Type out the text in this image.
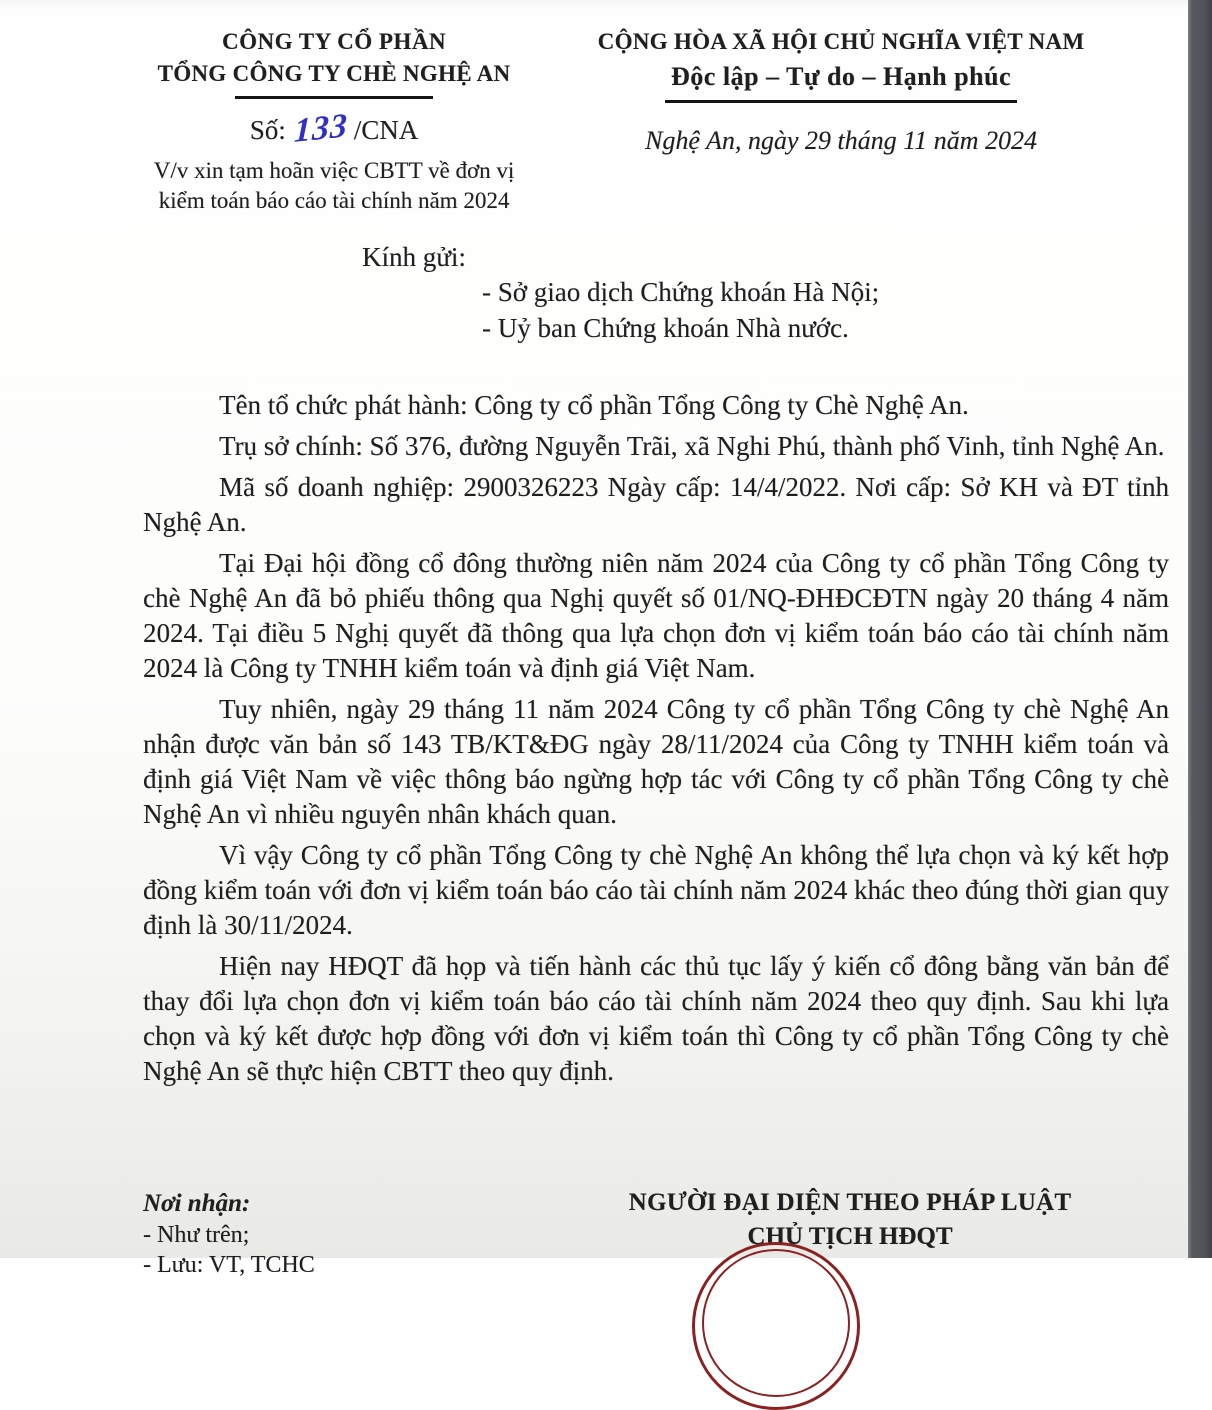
CÔNG TY CỔ PHẦN
TỔNG CÔNG TY CHÈ NGHỆ AN
Số: 133 /CNA
V/v xin tạm hoãn việc CBTT về đơn vị
kiểm toán báo cáo tài chính năm 2024
CỘNG HÒA XÃ HỘI CHỦ NGHĨA VIỆT NAM
Độc lập – Tự do – Hạnh phúc
Nghệ An, ngày 29 tháng 11 năm 2024
Kính gửi:
- Sở giao dịch Chứng khoán Hà Nội;
- Uỷ ban Chứng khoán Nhà nước.

Tên tổ chức phát hành: Công ty cổ phần Tổng Công ty Chè Nghệ An.

Trụ sở chính: Số 376, đường Nguyễn Trãi, xã Nghi Phú, thành phố Vinh, tỉnh Nghệ An.

Mã số doanh nghiệp: 2900326223 Ngày cấp: 14/4/2022. Nơi cấp: Sở KH và ĐT tỉnh Nghệ An.

Tại Đại hội đồng cổ đông thường niên năm 2024 của Công ty cổ phần Tổng Công ty chè Nghệ An đã bỏ phiếu thông qua Nghị quyết số 01/NQ-ĐHĐCĐTN ngày 20 tháng 4 năm 2024. Tại điều 5 Nghị quyết đã thông qua lựa chọn đơn vị kiểm toán báo cáo tài chính năm 2024 là Công ty TNHH kiểm toán và định giá Việt Nam.

Tuy nhiên, ngày 29 tháng 11 năm 2024 Công ty cổ phần Tổng Công ty chè Nghệ An nhận được văn bản số 143 TB/KT&ĐG ngày 28/11/2024 của Công ty TNHH kiểm toán và định giá Việt Nam về việc thông báo ngừng hợp tác với Công ty cổ phần Tổng Công ty chè Nghệ An vì nhiều nguyên nhân khách quan.

Vì vậy Công ty cổ phần Tổng Công ty chè Nghệ An không thể lựa chọn và ký kết hợp đồng kiểm toán với đơn vị kiểm toán báo cáo tài chính năm 2024 khác theo đúng thời gian quy định là 30/11/2024.

Hiện nay HĐQT đã họp và tiến hành các thủ tục lấy ý kiến cổ đông bằng văn bản để thay đổi lựa chọn đơn vị kiểm toán báo cáo tài chính năm 2024 theo quy định. Sau khi lựa chọn và ký kết được hợp đồng với đơn vị kiểm toán thì Công ty cổ phần Tổng Công ty chè Nghệ An sẽ thực hiện CBTT theo quy định.

Nơi nhận:
- Như trên;
- Lưu: VT, TCHC
NGƯỜI ĐẠI DIỆN THEO PHÁP LUẬT
CHỦ TỊCH HĐQT
